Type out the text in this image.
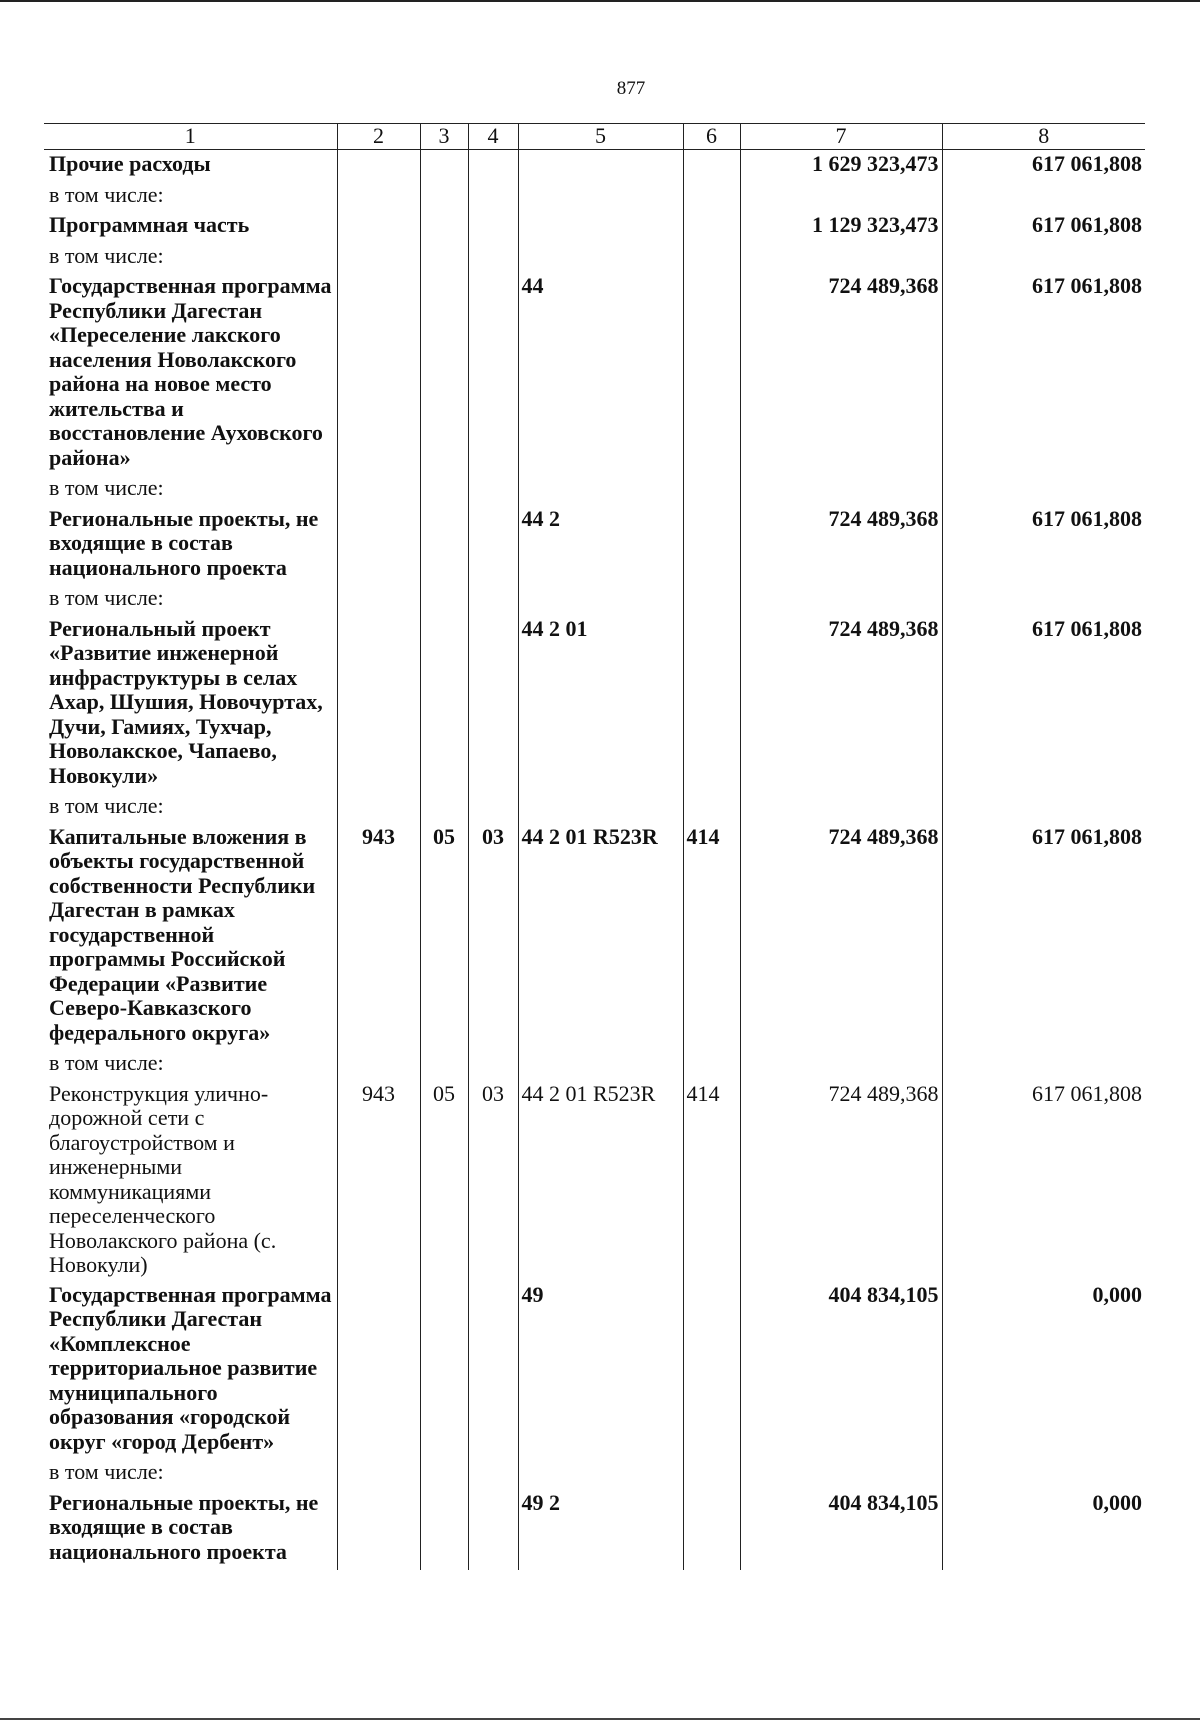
877
1	2	3	4	5	6	7	8
Прочие расходы						1 629 323,473	617 061,808
в том числе:							
Программная часть						1 129 323,473	617 061,808
в том числе:							
Государственная программа Республики Дагестан «Переселение лакского населения Новолакского района на новое место жительства и восстановление Ауховского района»				44		724 489,368	617 061,808
в том числе:							
Региональные проекты, не входящие в состав национального проекта				44 2		724 489,368	617 061,808
в том числе:							
Региональный проект «Развитие инженерной инфраструктуры в селах Ахар, Шушия, Новочуртах, Дучи, Гамиях, Тухчар, Новолакское, Чапаево, Новокули»				44 2 01		724 489,368	617 061,808
в том числе:							
Капитальные вложения в объекты государственной собственности Республики Дагестан в рамках государственной программы Российской Федерации «Развитие Северо-Кавказского федерального округа»	943	05	03	44 2 01 R523R	414	724 489,368	617 061,808
в том числе:							
Реконструкция улично-дорожной сети с благоустройством и инженерными коммуникациями переселенческого Новолакского района (с. Новокули)	943	05	03	44 2 01 R523R	414	724 489,368	617 061,808
Государственная программа Республики Дагестан «Комплексное территориальное развитие муниципального образования «городской округ «город Дербент»				49		404 834,105	0,000
в том числе:							
Региональные проекты, не входящие в состав национального проекта				49 2		404 834,105	0,000
